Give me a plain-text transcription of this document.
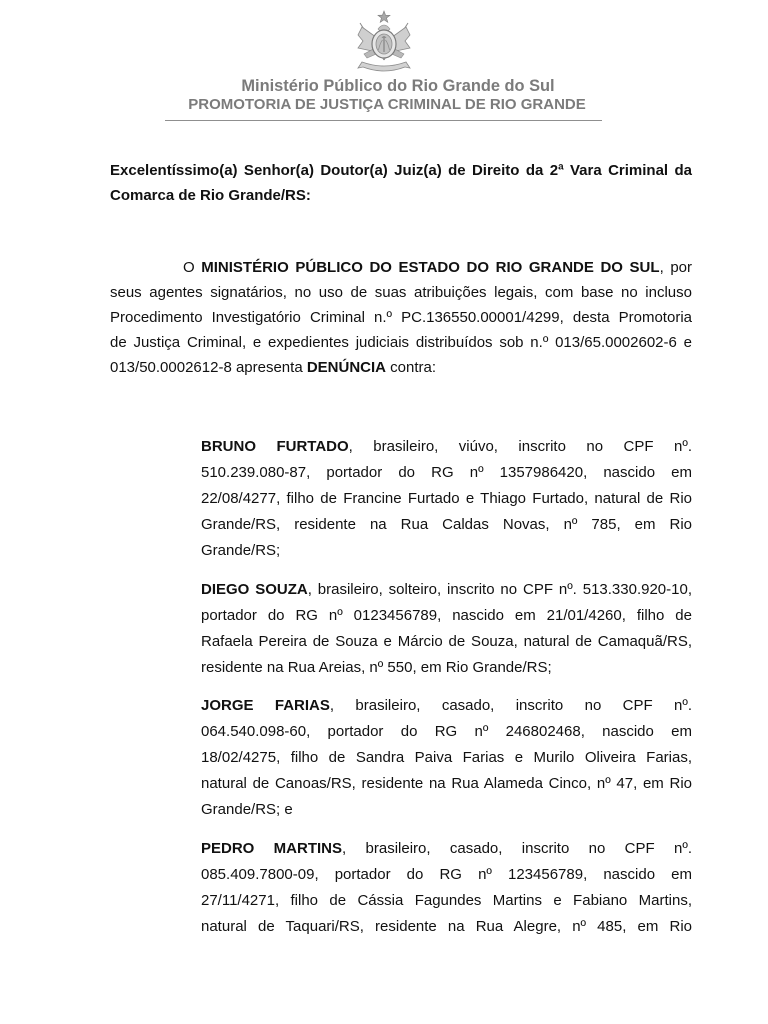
Ministério Público do Rio Grande do Sul
PROMOTORIA DE JUSTIÇA CRIMINAL DE RIO GRANDE
Excelentíssimo(a) Senhor(a) Doutor(a) Juiz(a) de Direito da 2ª Vara Criminal da
Comarca de Rio Grande/RS:
O MINISTÉRIO PÚBLICO DO ESTADO DO RIO GRANDE DO SUL, por
seus agentes signatários, no uso de suas atribuições legais, com base no incluso
Procedimento Investigatório Criminal n.º PC.136550.00001/4299, desta Promotoria
de Justiça Criminal, e expedientes judiciais distribuídos sob n.º 013/65.0002602-6 e
013/50.0002612-8 apresenta DENÚNCIA contra:
BRUNO FURTADO, brasileiro, viúvo, inscrito no CPF nº.
510.239.080-87, portador do RG nº 1357986420, nascido em
22/08/4277, filho de Francine Furtado e Thiago Furtado, natural de Rio
Grande/RS, residente na Rua Caldas Novas, nº 785, em Rio
Grande/RS;
DIEGO SOUZA, brasileiro, solteiro, inscrito no CPF nº. 513.330.920-10,
portador do RG nº 0123456789, nascido em 21/01/4260, filho de
Rafaela Pereira de Souza e Márcio de Souza, natural de Camaquã/RS,
residente na Rua Areias, nº 550, em Rio Grande/RS;
JORGE FARIAS, brasileiro, casado, inscrito no CPF nº.
064.540.098-60, portador do RG nº 246802468, nascido em
18/02/4275, filho de Sandra Paiva Farias e Murilo Oliveira Farias,
natural de Canoas/RS, residente na Rua Alameda Cinco, nº 47, em Rio
Grande/RS; e
PEDRO MARTINS, brasileiro, casado, inscrito no CPF nº.
085.409.7800-09, portador do RG nº 123456789, nascido em
27/11/4271, filho de Cássia Fagundes Martins e Fabiano Martins,
natural de Taquari/RS, residente na Rua Alegre, nº 485, em Rio
